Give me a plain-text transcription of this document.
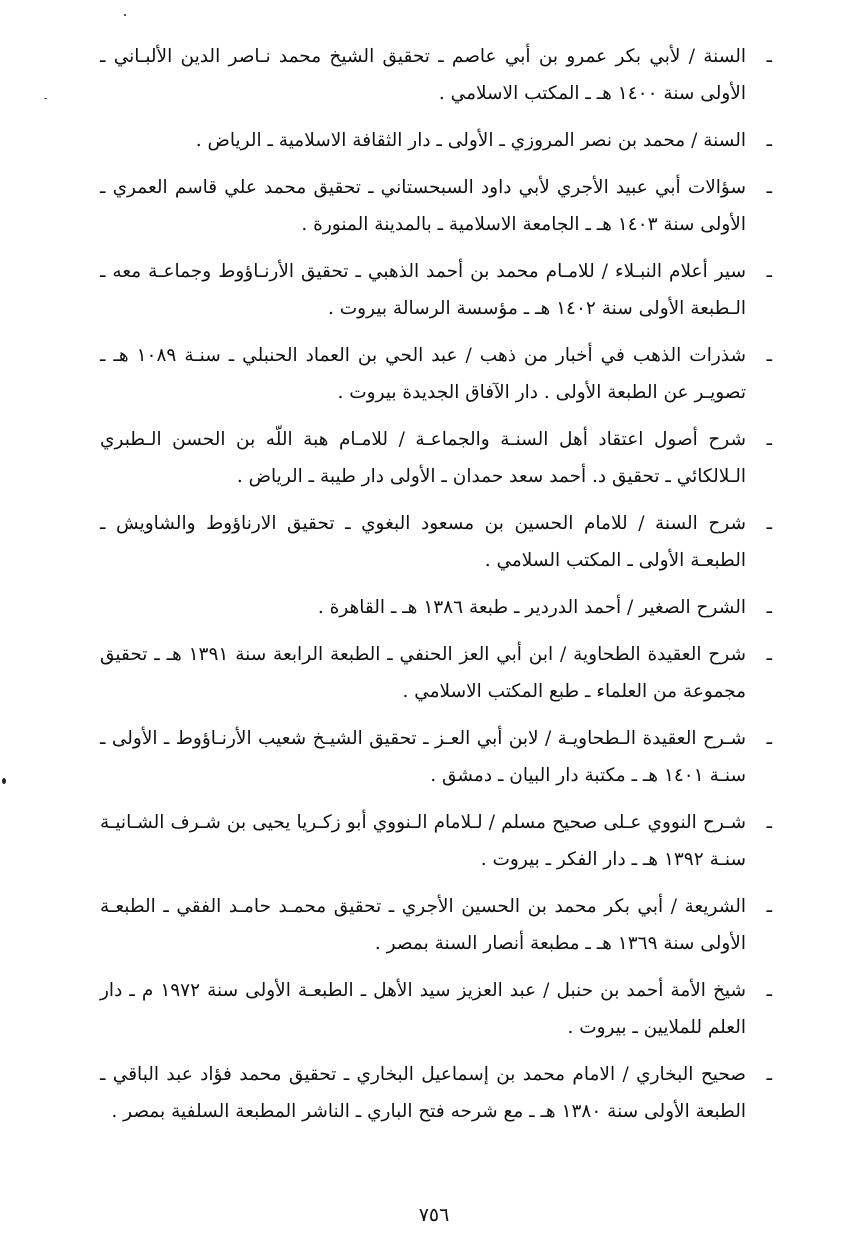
ـ
السنة / لأبي بكر عمرو بن أبي عاصم ـ تحقيق الشيخ محمد نـاصر الدين الألبـاني ـ الأولى سنة ١٤٠٠ هـ ـ المكتب الاسلامي .
ـ
السنة / محمد بن نصر المروزي ـ الأولى ـ دار الثقافة الاسلامية ـ الرياض .
ـ
سؤالات أبي عبيد الأجري لأبي داود السبحستاني ـ تحقيق محمد علي قاسم العمري ـ الأولى سنة ١٤٠٣ هـ ـ الجامعة الاسلامية ـ بالمدينة المنورة .
ـ
سير أعلام النبـلاء / للامـام محمد بن أحمد الذهبي ـ تحقيق الأرنـاؤوط وجماعـة معه ـ الـطبعة الأولى سنة ١٤٠٢ هـ ـ مؤسسة الرسالة بيروت .
ـ
شذرات الذهب في أخبار من ذهب / عبد الحي بن العماد الحنبلي ـ سنـة ١٠٨٩ هـ ـ تصويـر عن الطبعة الأولى . دار الآفاق الجديدة بيروت .
ـ
شرح أصول اعتقاد أهل السنـة والجماعـة / للامـام هبة اللّه بن الحسن الـطبري الـلالكائي ـ تحقيق د. أحمد سعد حمدان ـ الأولى دار طيبة ـ الرياض .
ـ
شرح السنة / للامام الحسين بن مسعود البغوي ـ تحقيق الارناؤوط والشاويش ـ الطبعـة الأولى ـ المكتب السلامي .
ـ
الشرح الصغير / أحمد الدردير ـ طبعة ١٣٨٦ هـ ـ القاهرة .
ـ
شرح العقيدة الطحاوية / ابن أبي العز الحنفي ـ الطبعة الرابعة سنة ١٣٩١ هـ ـ تحقيق مجموعة من العلماء ـ طبع المكتب الاسلامي .
ـ
شـرح العقيدة الـطحاويـة / لابن أبي العـز ـ تحقيق الشيـخ شعيب الأرنـاؤوط ـ الأولى ـ سنـة ١٤٠١ هـ ـ مكتبة دار البيان ـ دمشق .
ـ
شـرح النووي عـلى صحيح مسلم / لـلامام الـنووي أبو زكـريا يحيى بن شـرف الشـانيـة سنـة ١٣٩٢ هـ ـ دار الفكر ـ بيروت .
ـ
الشريعة / أبي بكر محمد بن الحسين الأجري ـ تحقيق محمـد حامـد الفقي ـ الطبعـة الأولى سنة ١٣٦٩ هـ ـ مطبعة أنصار السنة بمصر .
ـ
شيخ الأمة أحمد بن حنبل / عبد العزيز سيد الأهل ـ الطبعـة الأولى سنة ١٩٧٢ م ـ دار العلم للملايين ـ بيروت .
ـ
صحيح البخاري / الامام محمد بن إسماعيل البخاري ـ تحقيق محمد فؤاد عبد الباقي ـ الطبعة الأولى سنة ١٣٨٠ هـ ـ مع شرحه فتح الباري ـ الناشر المطبعة السلفية بمصر .
٧٥٦
